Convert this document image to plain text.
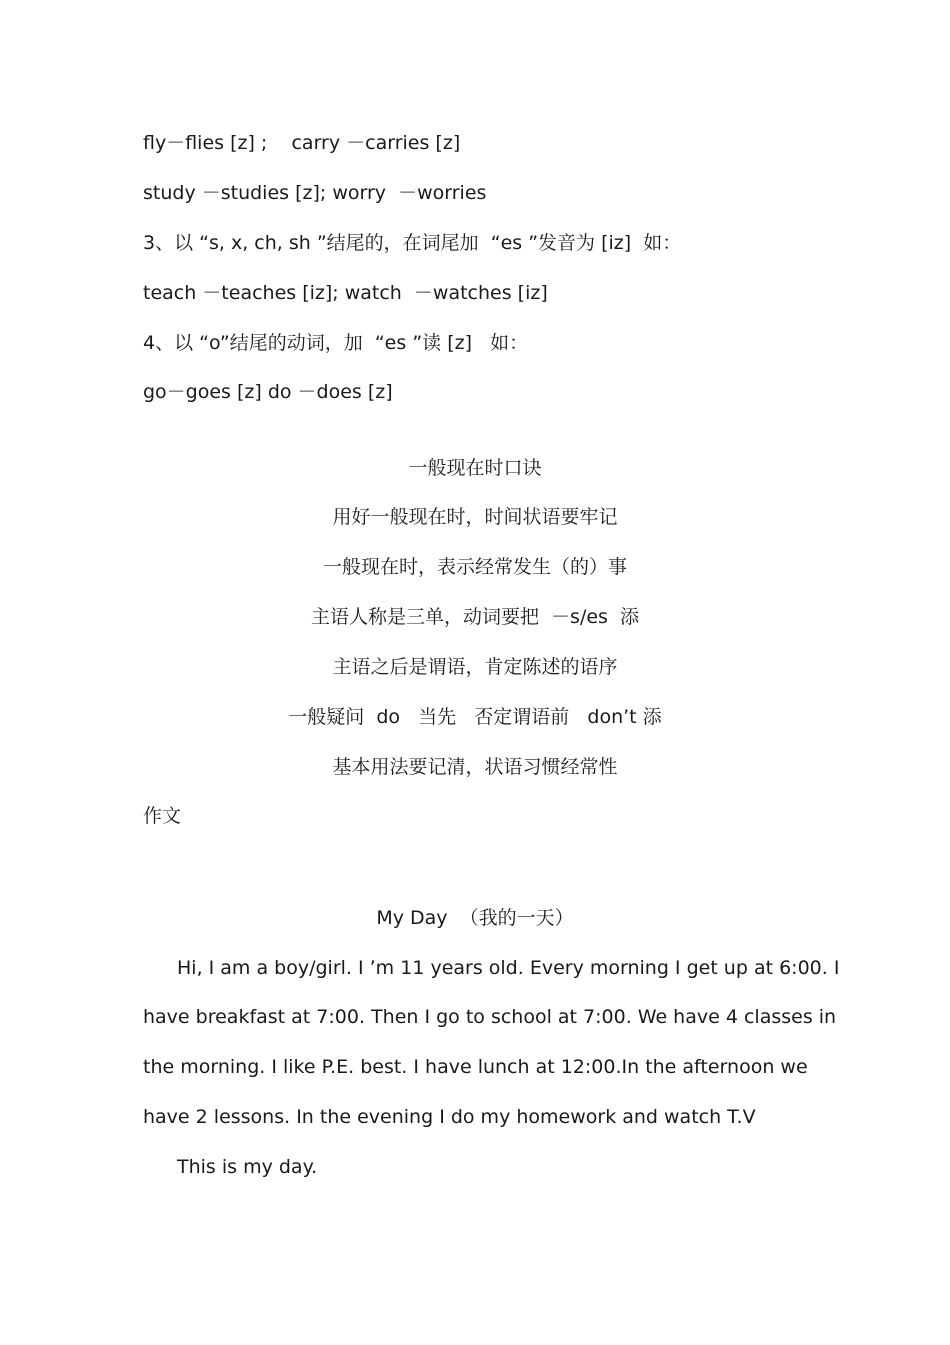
fly－flies [z] ;    carry －carries [z]
study －studies [z]; worry  －worries
3、以 “s, x, ch, sh ”结尾的，在词尾加  “es ”发音为 [iz]  如：
teach －teaches [iz]; watch  －watches [iz]
4、以 “o”结尾的动词，加  “es ”读 [z]   如：
go－goes [z] do －does [z]
一般现在时口诀
用好一般现在时，时间状语要牢记
一般现在时，表示经常发生（的）事
主语人称是三单，动词要把  －s/es  添
主语之后是谓语，肯定陈述的语序
一般疑问  do   当先   否定谓语前   don’t 添
基本用法要记清，状语习惯经常性
作文
My Day  （我的一天）
Hi, I am a boy/girl. I ’m 11 years old. Every morning I get up at 6:00. I
have breakfast at 7:00. Then I go to school at 7:00. We have 4 classes in
the morning. I like P.E. best. I have lunch at 12:00.In the afternoon we
have 2 lessons. In the evening I do my homework and watch T.V
This is my day.
